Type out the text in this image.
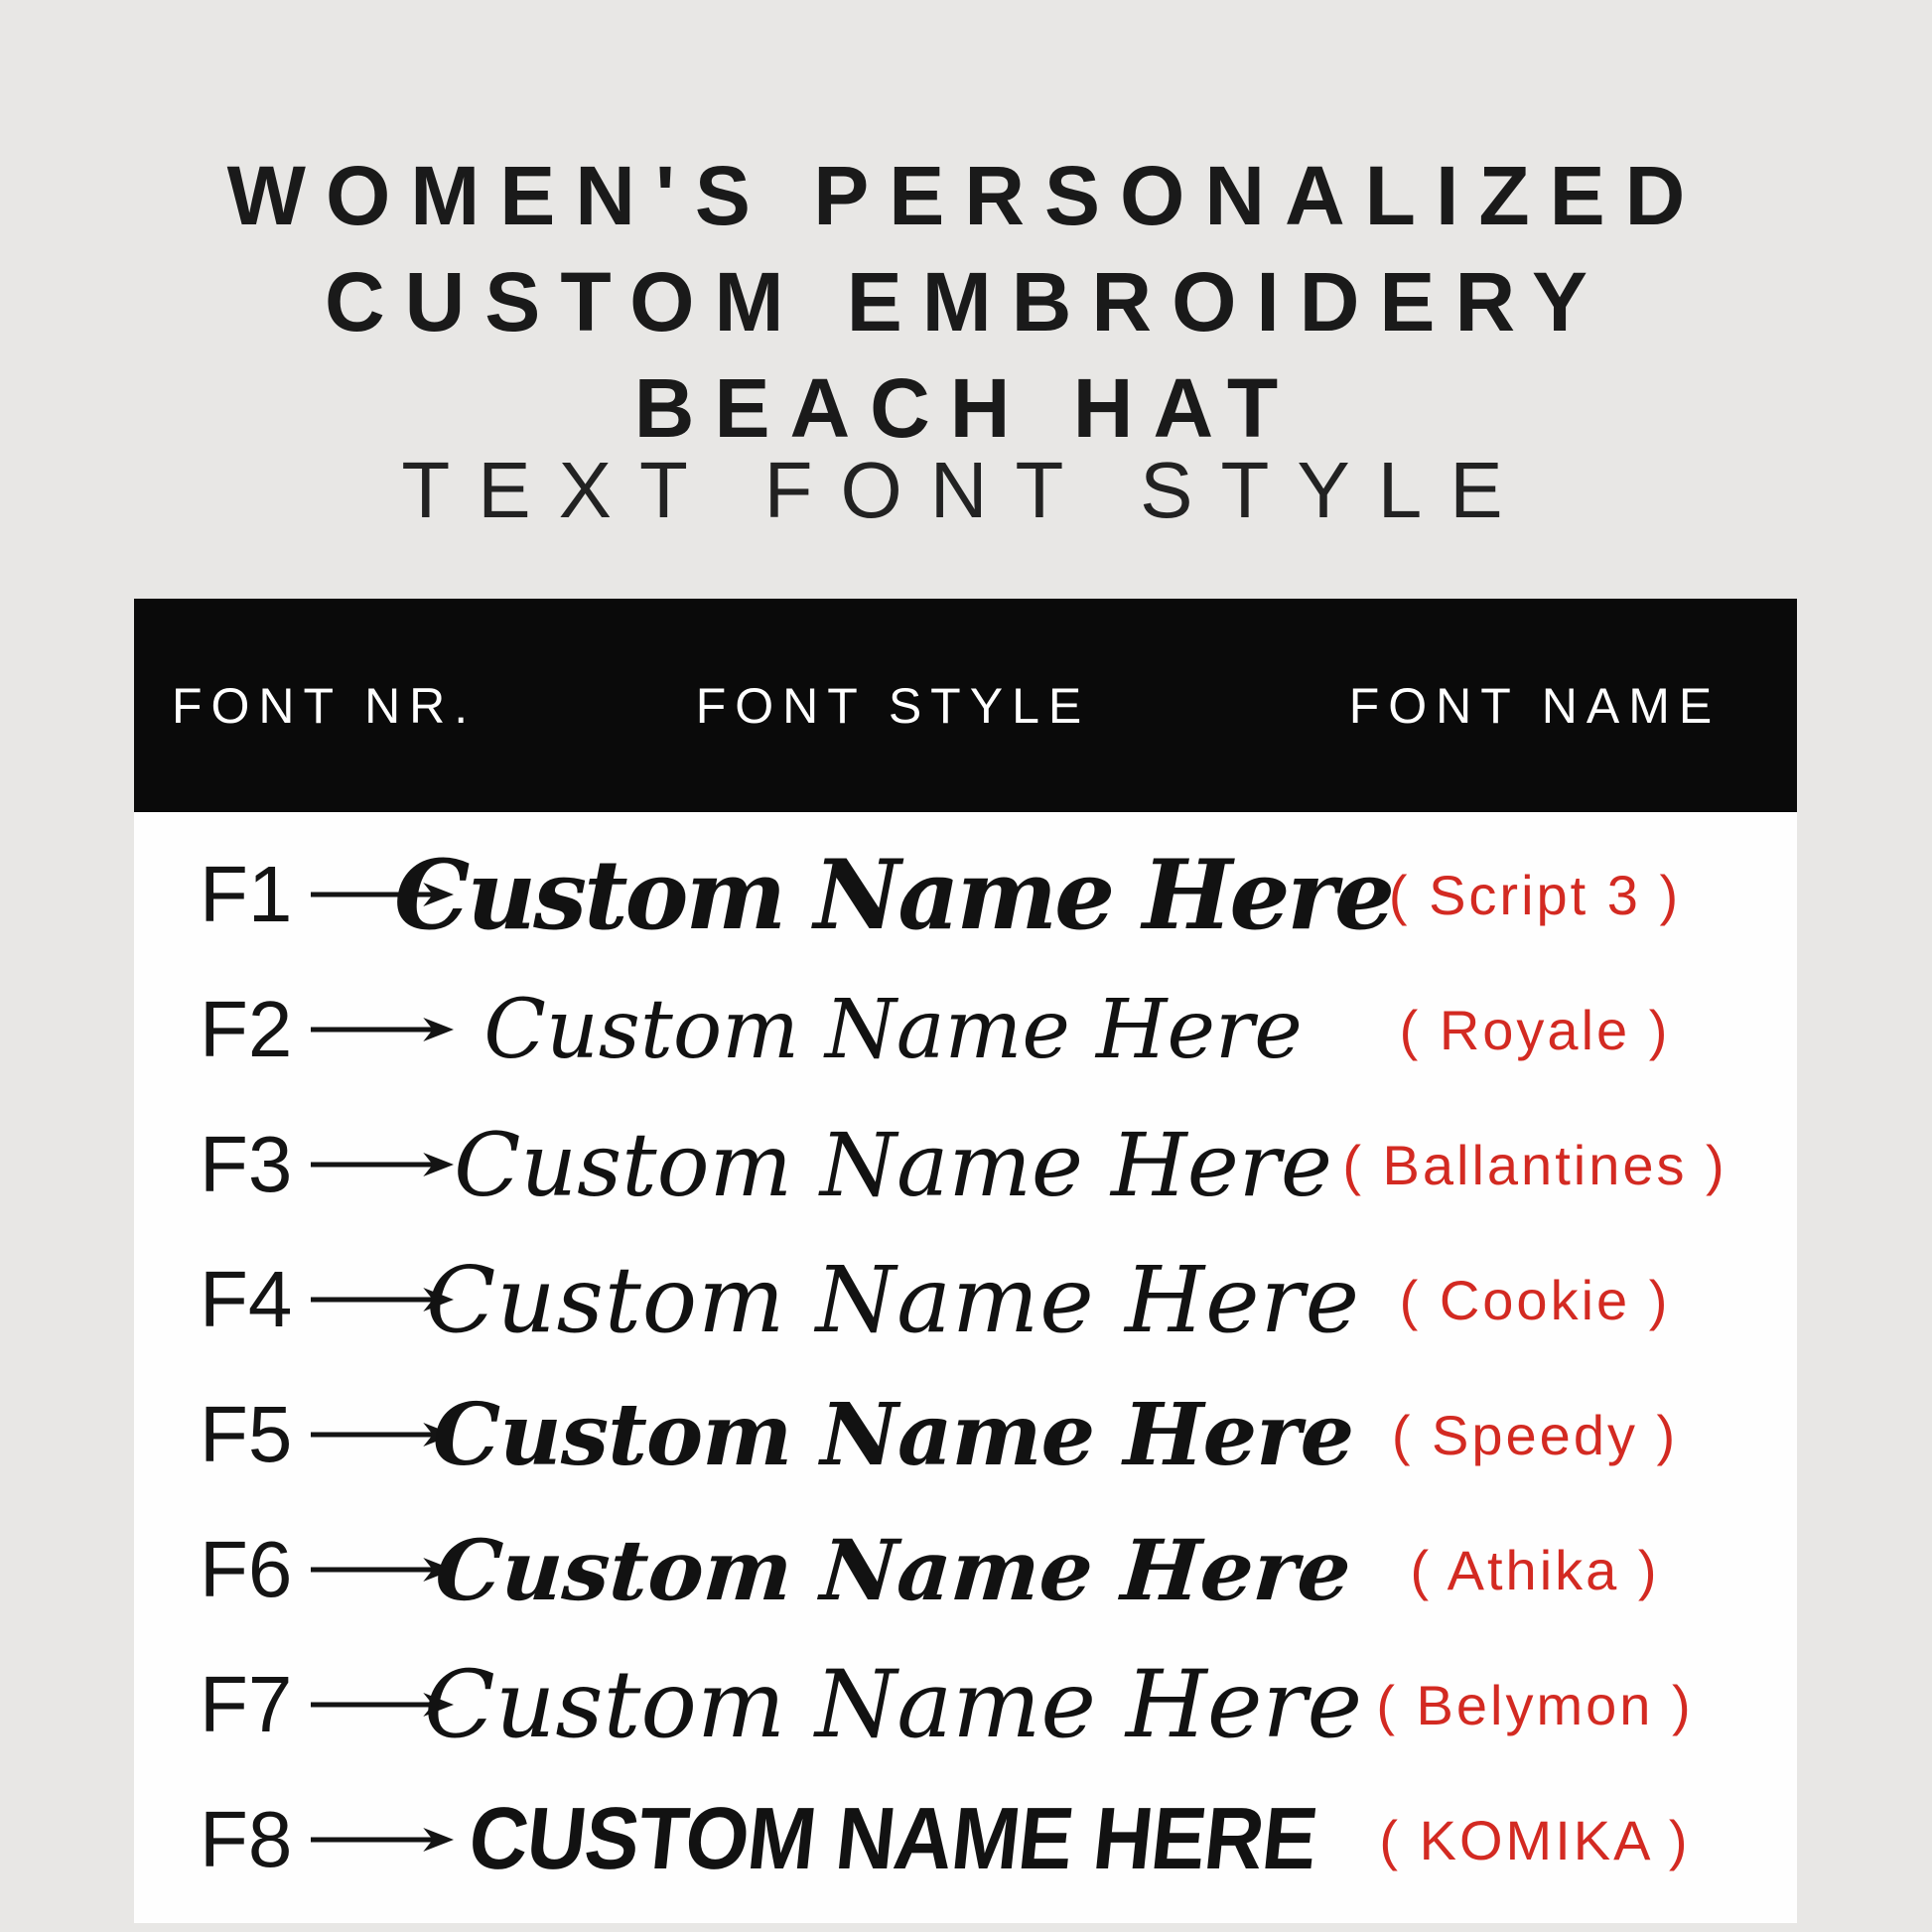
WOMEN'S PERSONALIZED
CUSTOM EMBROIDERY
BEACH HAT
TEXT FONT STYLE
FONT NR.	FONT STYLE	FONT NAME
F1 Custom Name Here
( Script 3 )
F2 Custom Name Here ( Royale )
F3 Custom Name Here ( Ballantines )
F4 Custom Name Here ( Cookie )
F5 Custom Name Here ( Speedy )
F6 Custom Name Here ( Athika )
F7 Custom Name Here ( Belymon )
F8 CUSTOM NAME HERE ( KOMIKA )
